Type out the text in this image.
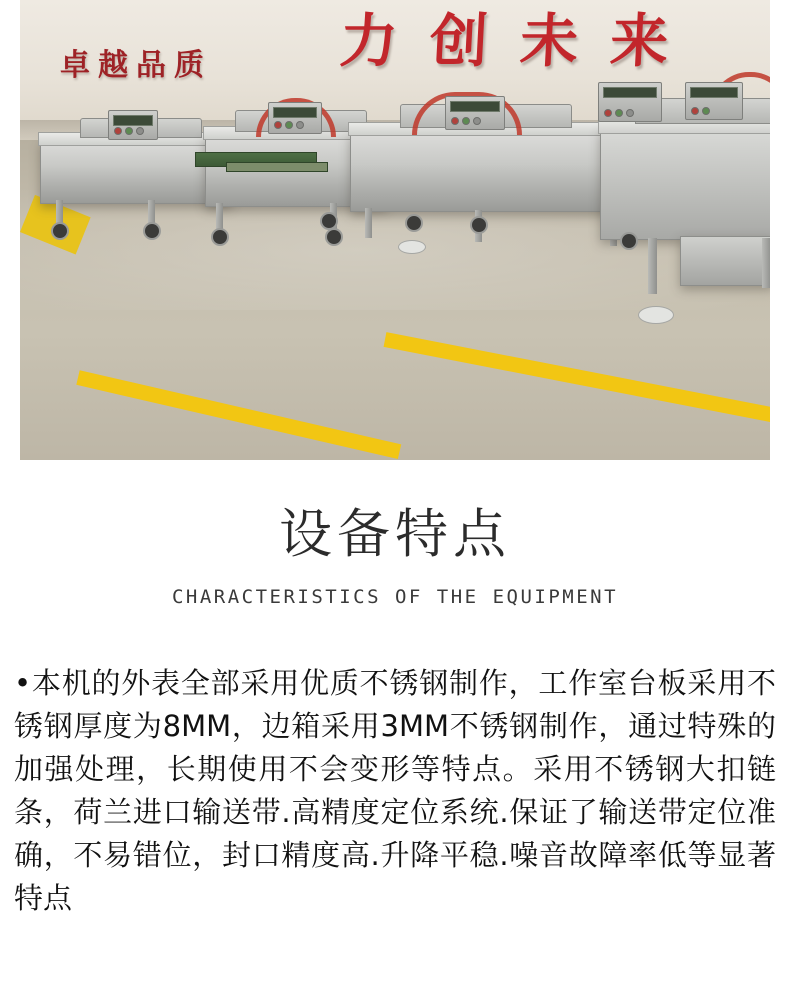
力 创 未 来
卓越品质
设备特点
CHARACTERISTICS OF THE EQUIPMENT
•本机的外表全部采用优质不锈钢制作，工作室台板采用不锈钢厚度为8MM，边箱采用3MM不锈钢制作，通过特殊的加强处理，长期使用不会变形等特点。采用不锈钢大扣链条，荷兰进口输送带.高精度定位系统.保证了输送带定位准确，不易错位，封口精度高.升降平稳.噪音故障率低等显著特点
